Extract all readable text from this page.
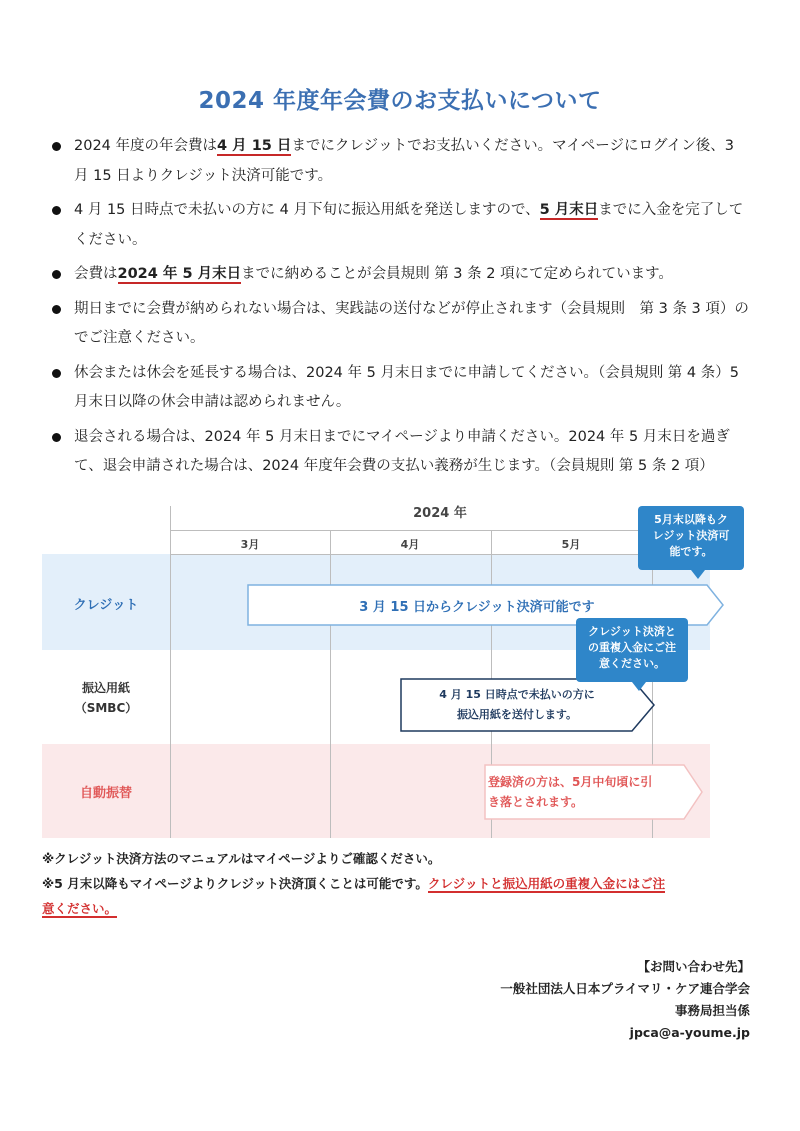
2024 年度年会費のお支払いについて
2024 年度の年会費は4 月 15 日までにクレジットでお支払いください。マイページにログイン後、3 月 15 日よりクレジット決済可能です。
4 月 15 日時点で未払いの方に 4 月下旬に振込用紙を発送しますので、5 月末日までに入金を完了してください。
会費は2024 年 5 月末日までに納めることが会員規則 第 3 条 2 項にて定められています。
期日までに会費が納められない場合は、実践誌の送付などが停止されます（会員規則　第 3 条 3 項）のでご注意ください。
休会または休会を延長する場合は、2024 年 5 月末日までに申請してください。（会員規則 第 4 条）5 月末日以降の休会申請は認められません。
退会される場合は、2024 年 5 月末日までにマイページより申請ください。2024 年 5 月末日を過ぎて、退会申請された場合は、2024 年度年会費の支払い義務が生じます。（会員規則 第 5 条 2 項）
2024 年
3月	4月	5月
クレジット	3 月 15 日からクレジット決済可能です
振込用紙
（SMBC）
4 月 15 日時点で未払いの方に
振込用紙を送付します。
自動振替
登録済の方は、5月中旬頃に引
き落とされます。
5月末以降もク
レジット決済可
能です。
クレジット決済と
の重複入金にご注
意ください。
※クレジット決済方法のマニュアルはマイページよりご確認ください。
※5 月末以降もマイページよりクレジット決済頂くことは可能です。クレジットと振込用紙の重複入金にはご注
意ください。
【お問い合わせ先】
一般社団法人日本プライマリ・ケア連合学会
事務局担当係
jpca@a-youme.jp
